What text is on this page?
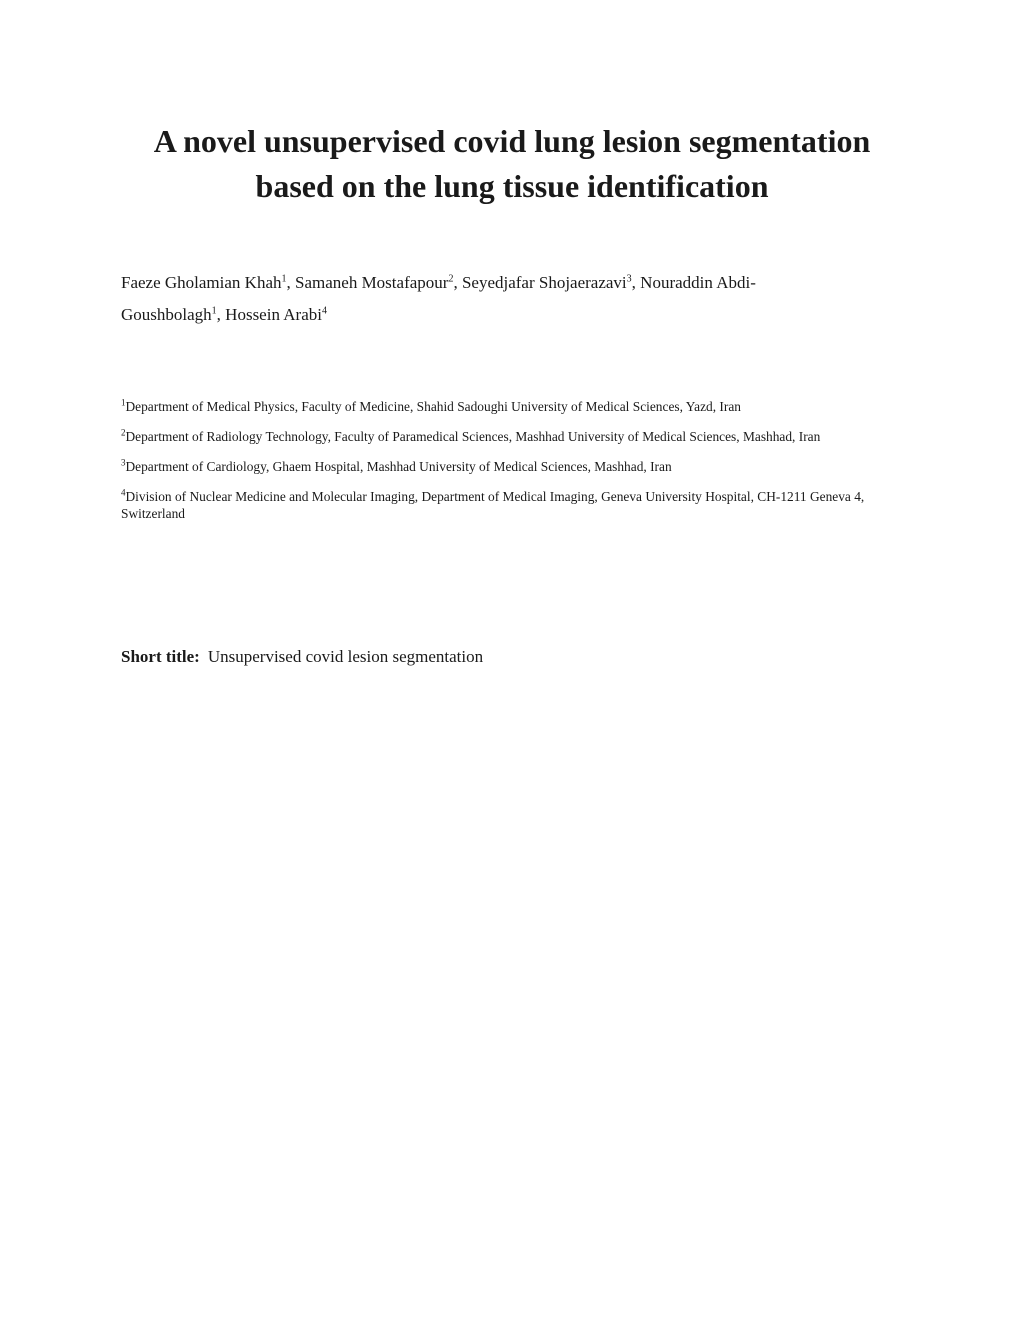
A novel unsupervised covid lung lesion segmentation
based on the lung tissue identification

Faeze Gholamian Khah$^1$, Samaneh Mostafapour$^2$, Seyedjafar Shojaerazavi$^3$, Nouraddin Abdi-
Goushbolagh$^1$, Hossein Arabi$^4$

$^1$Department of Medical Physics, Faculty of Medicine, Shahid Sadoughi University of Medical Sciences, Yazd, Iran

$^2$Department of Radiology Technology, Faculty of Paramedical Sciences, Mashhad University of Medical Sciences, Mashhad, Iran

$^3$Department of Cardiology, Ghaem Hospital, Mashhad University of Medical Sciences, Mashhad, Iran

$^4$Division of Nuclear Medicine and Molecular Imaging, Department of Medical Imaging, Geneva University Hospital, CH-1211 Geneva 4, Switzerland

Short title: Unsupervised covid lesion segmentation
